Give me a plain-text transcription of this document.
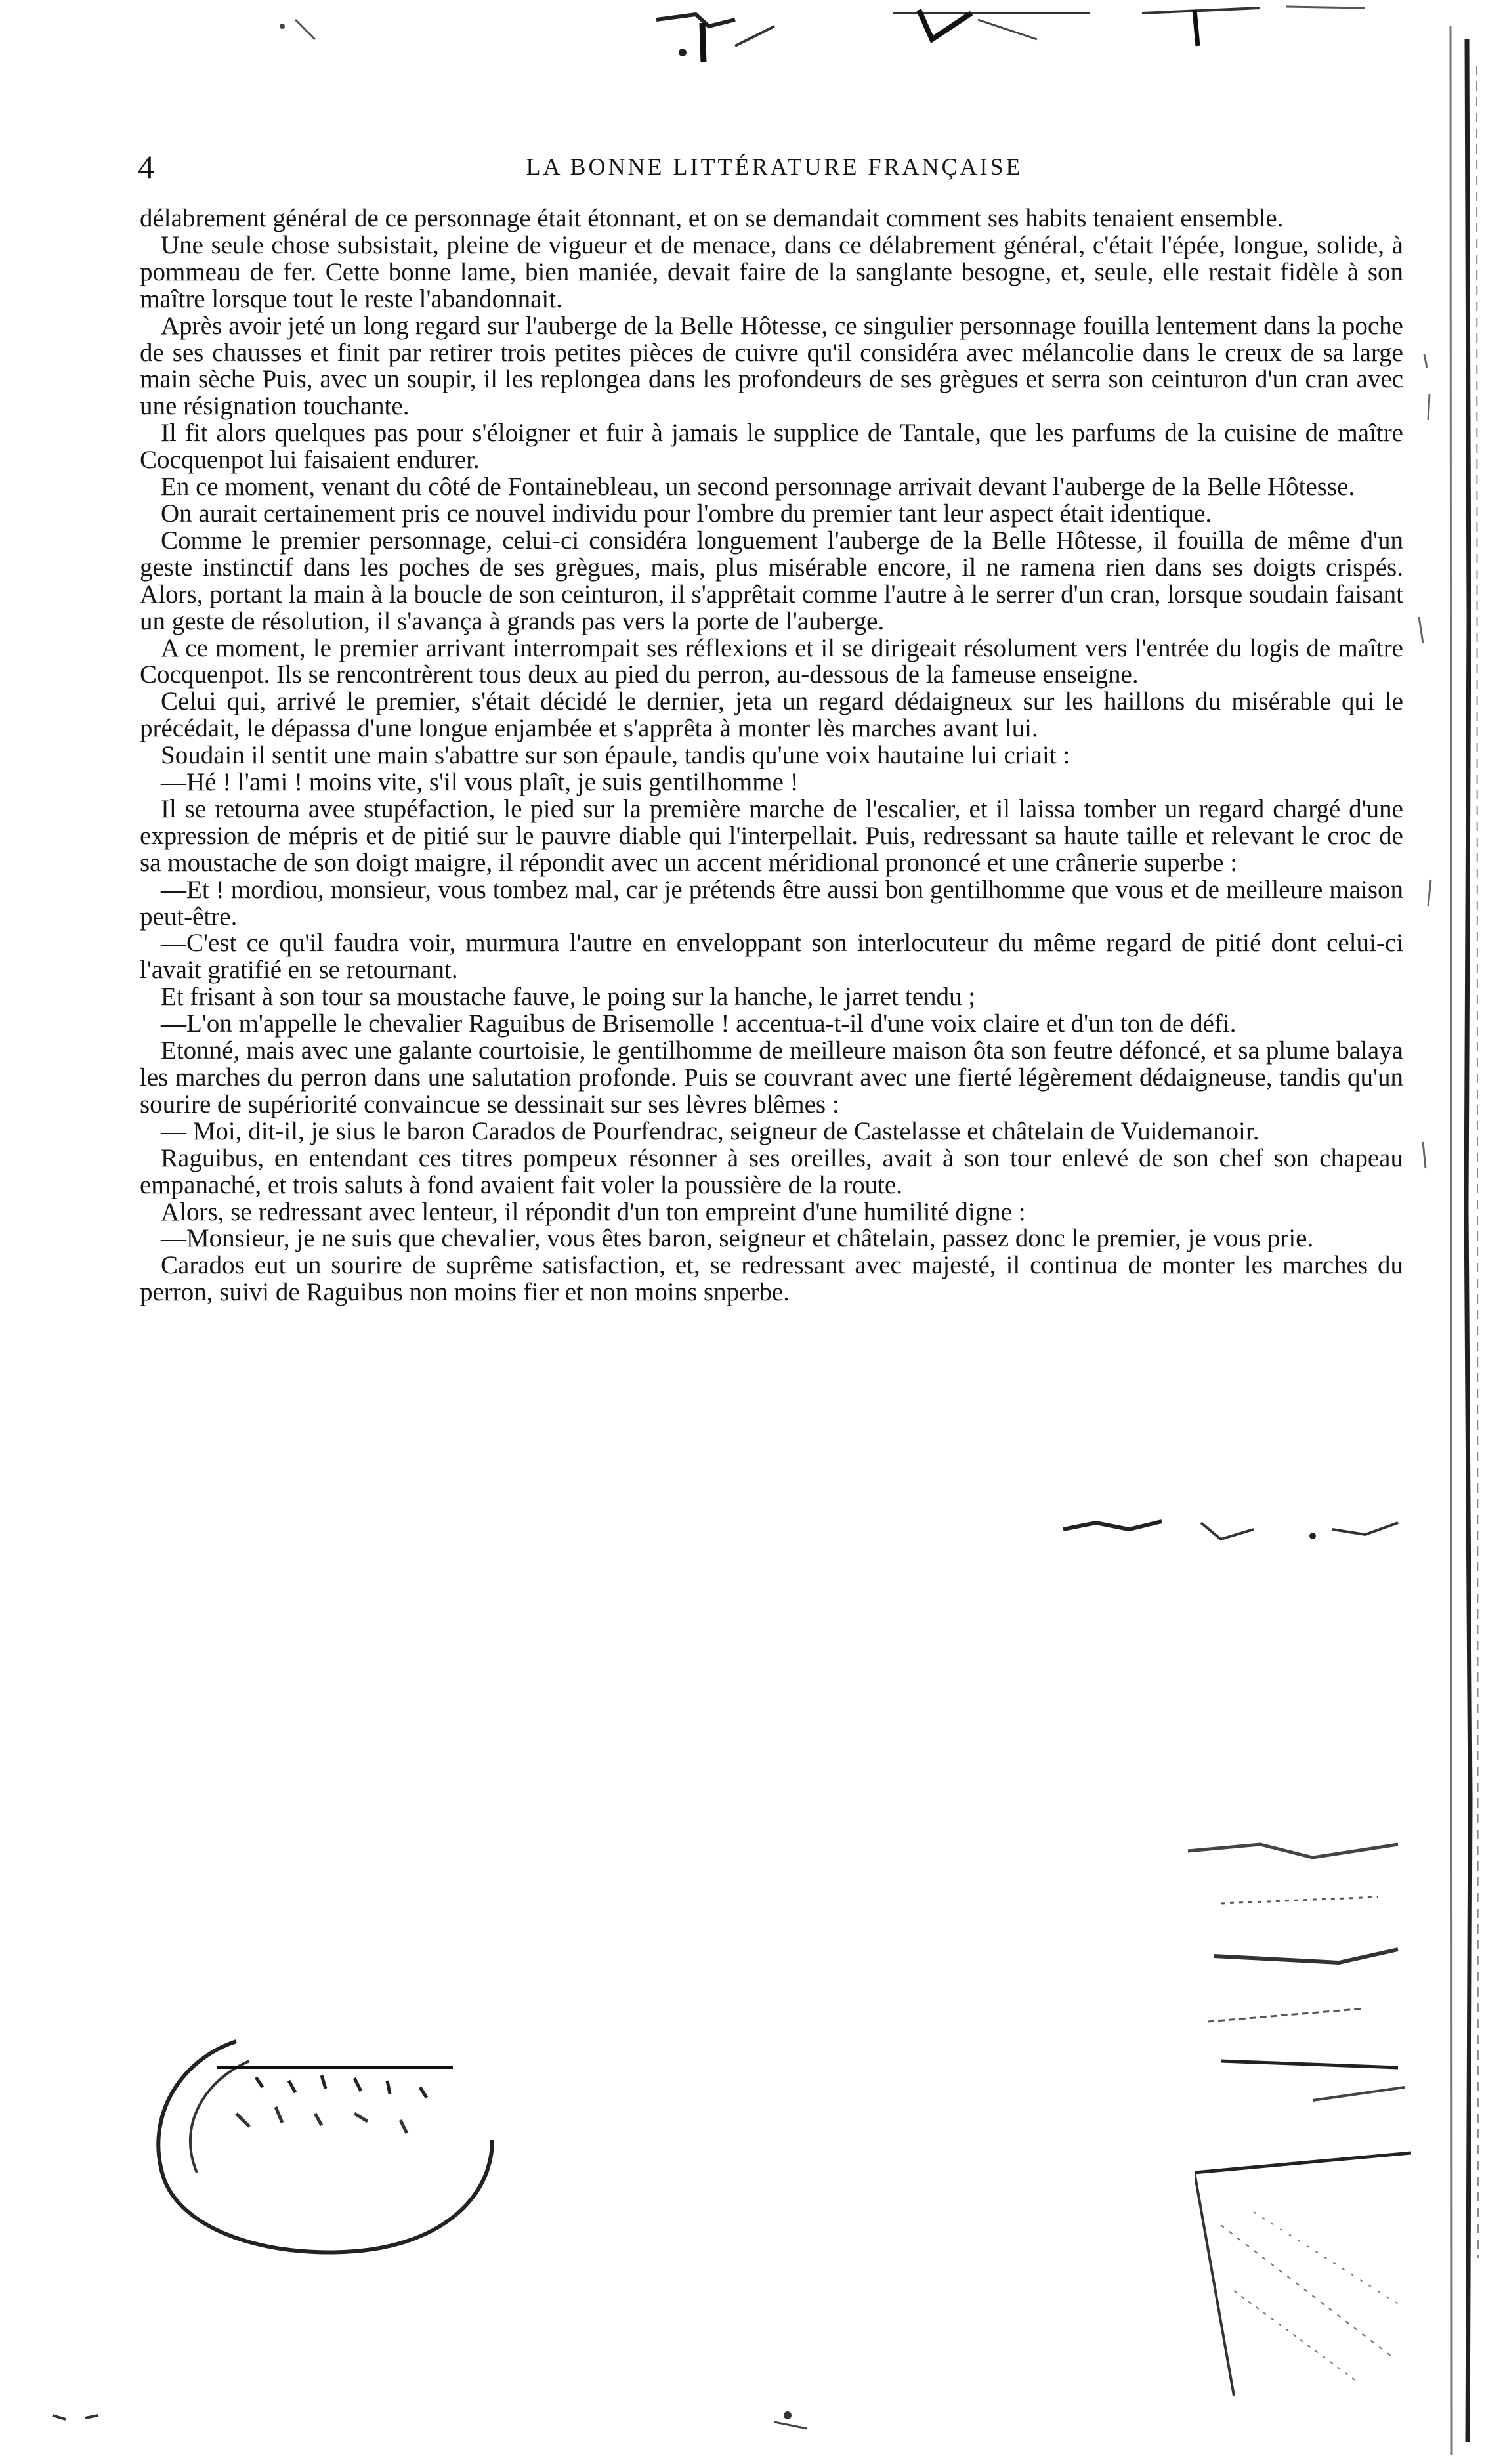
4	LA BONNE LITTÉRATURE FRANÇAISE

délabrement général de ce personnage était étonnant, et on se demandait comment ses habits tenaient ensemble.

Une seule chose subsistait, pleine de vigueur et de menace, dans ce délabrement général, c'était l'épée, longue, solide, à pommeau de fer. Cette bonne lame, bien maniée, devait faire de la sanglante besogne, et, seule, elle restait fidèle à son maître lorsque tout le reste l'abandonnait.

Après avoir jeté un long regard sur l'auberge de la Belle Hôtesse, ce singulier personnage fouilla lentement dans la poche de ses chausses et finit par retirer trois petites pièces de cuivre qu'il considéra avec mélancolie dans le creux de sa large main sèche Puis, avec un soupir, il les replongea dans les profondeurs de ses grègues et serra son ceinturon d'un cran avec une résignation touchante.

Il fit alors quelques pas pour s'éloigner et fuir à jamais le supplice de Tantale, que les parfums de la cuisine de maître Cocquenpot lui faisaient endurer.

En ce moment, venant du côté de Fontainebleau, un second personnage arrivait devant l'auberge de la Belle Hôtesse.

On aurait certainement pris ce nouvel individu pour l'ombre du premier tant leur aspect était identique.

Comme le premier personnage, celui-ci considéra longuement l'auberge de la Belle Hôtesse, il fouilla de même d'un geste instinctif dans les poches de ses grègues, mais, plus misérable encore, il ne ramena rien dans ses doigts crispés. Alors, portant la main à la boucle de son ceinturon, il s'apprêtait comme l'autre à le serrer d'un cran, lorsque soudain faisant un geste de résolution, il s'avança à grands pas vers la porte de l'auberge.

A ce moment, le premier arrivant interrompait ses réflexions et il se dirigeait résolument vers l'entrée du logis de maître Cocquenpot. Ils se rencontrèrent tous deux au pied du perron, au-dessous de la fameuse enseigne.

Celui qui, arrivé le premier, s'était décidé le dernier, jeta un regard dédaigneux sur les haillons du misérable qui le précédait, le dépassa d'une longue enjambée et s'apprêta à monter lès marches avant lui.

Soudain il sentit une main s'abattre sur son épaule, tandis qu'une voix hautaine lui criait :

—Hé ! l'ami ! moins vite, s'il vous plaît, je suis gentilhomme !

Il se retourna avee stupéfaction, le pied sur la première marche de l'escalier, et il laissa tomber un regard chargé d'une expression de mépris et de pitié sur le pauvre diable qui l'interpellait. Puis, redressant sa haute taille et relevant le croc de sa moustache de son doigt maigre, il répondit avec un accent méridional prononcé et une crânerie superbe :

—Et ! mordiou, monsieur, vous tombez mal, car je prétends être aussi bon gentilhomme que vous et de meilleure maison peut-être.

—C'est ce qu'il faudra voir, murmura l'autre en enveloppant son interlocuteur du même regard de pitié dont celui-ci l'avait gratifié en se retournant.

Et frisant à son tour sa moustache fauve, le poing sur la hanche, le jarret tendu ;

—L'on m'appelle le chevalier Raguibus de Brisemolle ! accentua-t-il d'une voix claire et d'un ton de défi.

Etonné, mais avec une galante courtoisie, le gentilhomme de meilleure maison ôta son feutre défoncé, et sa plume balaya les marches du perron dans une salutation profonde. Puis se couvrant avec une fierté légèrement dédaigneuse, tandis qu'un sourire de supériorité convaincue se dessinait sur ses lèvres blêmes :

— Moi, dit-il, je sius le baron Carados de Pourfendrac, seigneur de Castelasse et châtelain de Vuidemanoir.

Raguibus, en entendant ces titres pompeux résonner à ses oreilles, avait à son tour enlevé de son chef son chapeau empanaché, et trois saluts à fond avaient fait voler la poussière de la route.

Alors, se redressant avec lenteur, il répondit d'un ton empreint d'une humilité digne :

—Monsieur, je ne suis que chevalier, vous êtes baron, seigneur et châtelain, passez donc le premier, je vous prie.

Carados eut un sourire de suprême satisfaction, et, se redressant avec majesté, il continua de monter les marches du perron, suivi de Raguibus non moins fier et non moins snperbe.
